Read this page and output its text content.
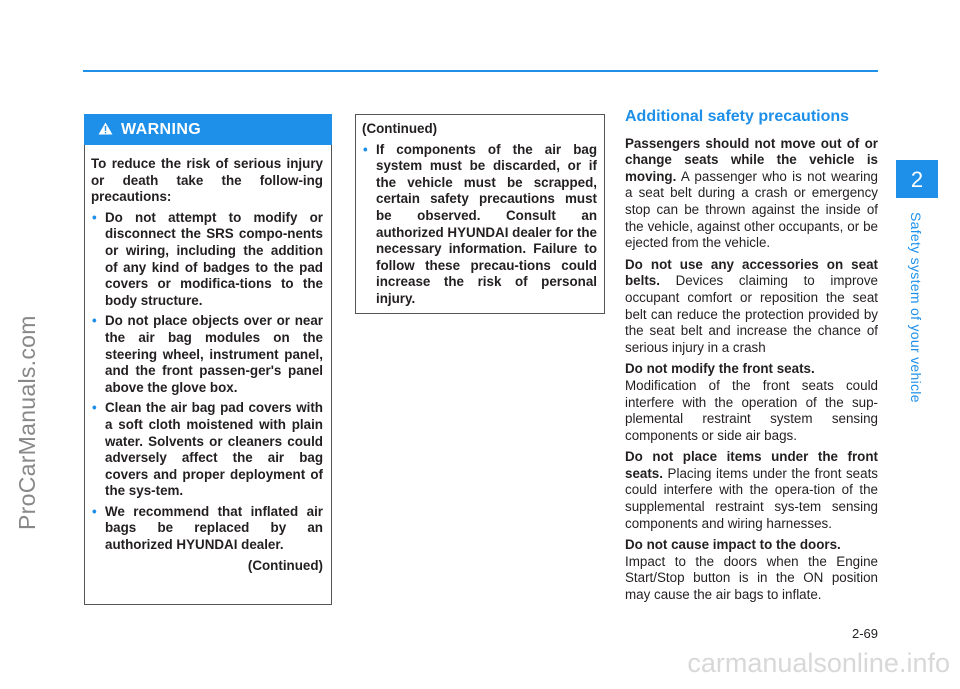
ProCarManuals.com
WARNING

To reduce the risk of serious injury or death take the follow-ing precautions:

• Do not attempt to modify or disconnect the SRS compo-nents or wiring, including the addition of any kind of badges to the pad covers or modifica-tions to the body structure.
• Do not place objects over or near the air bag modules on the steering wheel, instrument panel, and the front passen-ger's panel above the glove box.
• Clean the air bag pad covers with a soft cloth moistened with plain water. Solvents or cleaners could adversely affect the air bag covers and proper deployment of the sys-tem.
• We recommend that inflated air bags be replaced by an authorized HYUNDAI dealer.

(Continued)

(Continued)

• If components of the air bag system must be discarded, or if the vehicle must be scrapped, certain safety precautions must be observed. Consult an authorized HYUNDAI dealer for the necessary information. Failure to follow these precau-tions could increase the risk of personal injury.
Additional safety precautions

Passengers should not move out of or change seats while the vehicle is moving. A passenger who is not wearing a seat belt during a crash or emergency stop can be thrown against the inside of the vehicle, against other occupants, or be ejected from the vehicle.

Do not use any accessories on seat belts. Devices claiming to improve occupant comfort or reposition the seat belt can reduce the protection provided by the seat belt and increase the chance of serious injury in a crash

Do not modify the front seats.
Modification of the front seats could interfere with the operation of the sup-plemental restraint system sensing components or side air bags.

Do not place items under the front seats. Placing items under the front seats could interfere with the opera-tion of the supplemental restraint sys-tem sensing components and wiring harnesses.

Do not cause impact to the doors.
Impact to the doors when the Engine Start/Stop button is in the ON position may cause the air bags to inflate.

2
Safety system of your vehicle
2-69
carmanualsonline.info
